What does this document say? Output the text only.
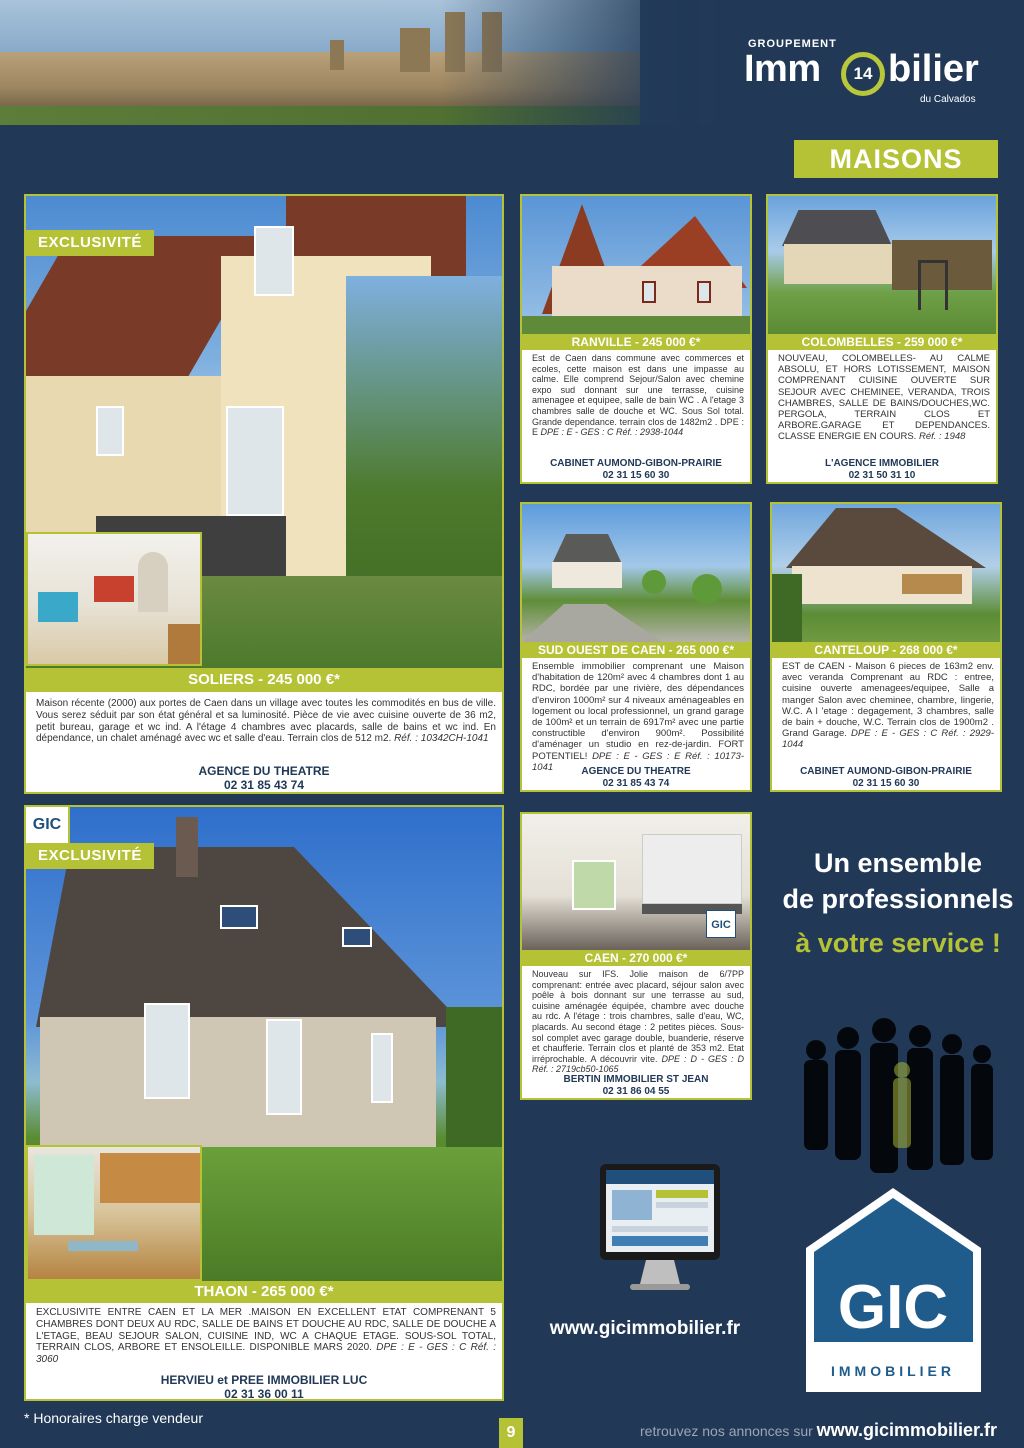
GROUPEMENT
Imm	14 bilier
du Calvados
MAISONS
EXCLUSIVITÉ
SOLIERS - 245 000 €*
Maison récente (2000) aux portes de Caen dans un village avec toutes les commodités en bus de ville. Vous serez séduit par son état général et sa luminosité. Pièce de vie avec cuisine ouverte de 36 m2, petit bureau, garage et wc ind. A l'étage 4 chambres avec placards, salle de bains et wc ind. En dépendance, un chalet aménagé avec wc et salle d'eau. Terrain clos de 512 m2. Réf. : 10342CH-1041
AGENCE DU THEATRE
02 31 85 43 74
RANVILLE - 245 000 €*
Est de Caen dans commune avec commerces et ecoles, cette maison est dans une impasse au calme. Elle comprend Sejour/Salon avec chemine expo sud donnant sur une terrasse, cuisine amenagee et equipee, salle de bain WC . A l'etage 3 chambres salle de douche et WC. Sous Sol total. Grande dependance. terrain clos de 1482m2 . DPE : E DPE : E - GES : C Réf. : 2938-1044
CABINET AUMOND-GIBON-PRAIRIE
02 31 15 60 30
COLOMBELLES - 259 000 €*
NOUVEAU, COLOMBELLES- AU CALME ABSOLU, ET HORS LOTISSEMENT, MAISON COMPRENANT CUISINE OUVERTE SUR SEJOUR AVEC CHEMINEE, VERANDA, TROIS CHAMBRES, SALLE DE BAINS/DOUCHES,WC. PERGOLA, TERRAIN CLOS ET ARBORE.GARAGE ET DEPENDANCES. CLASSE ENERGIE EN COURS. Réf. : 1948
L'AGENCE IMMOBILIER
02 31 50 31 10
SUD OUEST DE CAEN - 265 000 €*
Ensemble immobilier comprenant une Maison d'habitation de 120m² avec 4 chambres dont 1 au RDC, bordée par une rivière, des dépendances d'environ 1000m² sur 4 niveaux aménageables en logement ou local professionnel, un grand garage de 100m² et un terrain de 6917m² avec une partie constructible d'environ 900m². Possibilité d'aménager un studio en rez-de-jardin. FORT POTENTIEL! DPE : E - GES : E Réf. : 10173-1041	AGENCE DU THEATRE
02 31 85 43 74
CANTELOUP - 268 000 €*
EST de CAEN - Maison 6 pieces de 163m2 env. avec veranda Comprenant au RDC : entree, cuisine ouverte amenagees/equipee, Salle a manger Salon avec cheminee, chambre, lingerie, W.C. A l 'etage : degagement, 3 chambres, salle de bain + douche, W.C. Terrain clos de 1900m2 . Grand Garage. DPE : E - GES : C Réf. : 2929-1044
CABINET AUMOND-GIBON-PRAIRIE
02 31 15 60 30
EXCLUSIVITÉ
THAON - 265 000 €*
EXCLUSIVITE ENTRE CAEN ET LA MER .MAISON EN EXCELLENT ETAT COMPRENANT 5 CHAMBRES DONT DEUX AU RDC, SALLE DE BAINS ET DOUCHE AU RDC, SALLE DE DOUCHE A L'ETAGE, BEAU SEJOUR SALON, CUISINE IND, WC A CHAQUE ETAGE. SOUS-SOL TOTAL, TERRAIN CLOS, ARBORE ET ENSOLEILLE. DISPONIBLE MARS 2020. DPE : E - GES : C Réf. : 3060
HERVIEU et PREE IMMOBILIER LUC
02 31 36 00 11
GIC
GIC
CAEN - 270 000 €*
Nouveau sur IFS. Jolie maison de 6/7PP comprenant: entrée avec placard, séjour salon avec poêle à bois donnant sur une terrasse au sud, cuisine aménagée équipée, chambre avec douche au rdc. A l'étage : trois chambres, salle d'eau, WC, placards. Au second étage : 2 petites pièces. Sous-sol complet avec garage double, buanderie, réserve et chaufferie. Terrain clos et planté de 353 m2. Etat irréprochable. A découvrir vite. DPE : D - GES : D Réf. : 2719cb50-1065
BERTIN IMMOBILIER ST JEAN
02 31 86 04 55
Un ensemble
de professionnels
à votre service !
www.gicimmobilier.fr	GIC
IMMOBILIER
* Honoraires charge vendeur
9	retrouvez nos annonces sur www.gicimmobilier.fr
